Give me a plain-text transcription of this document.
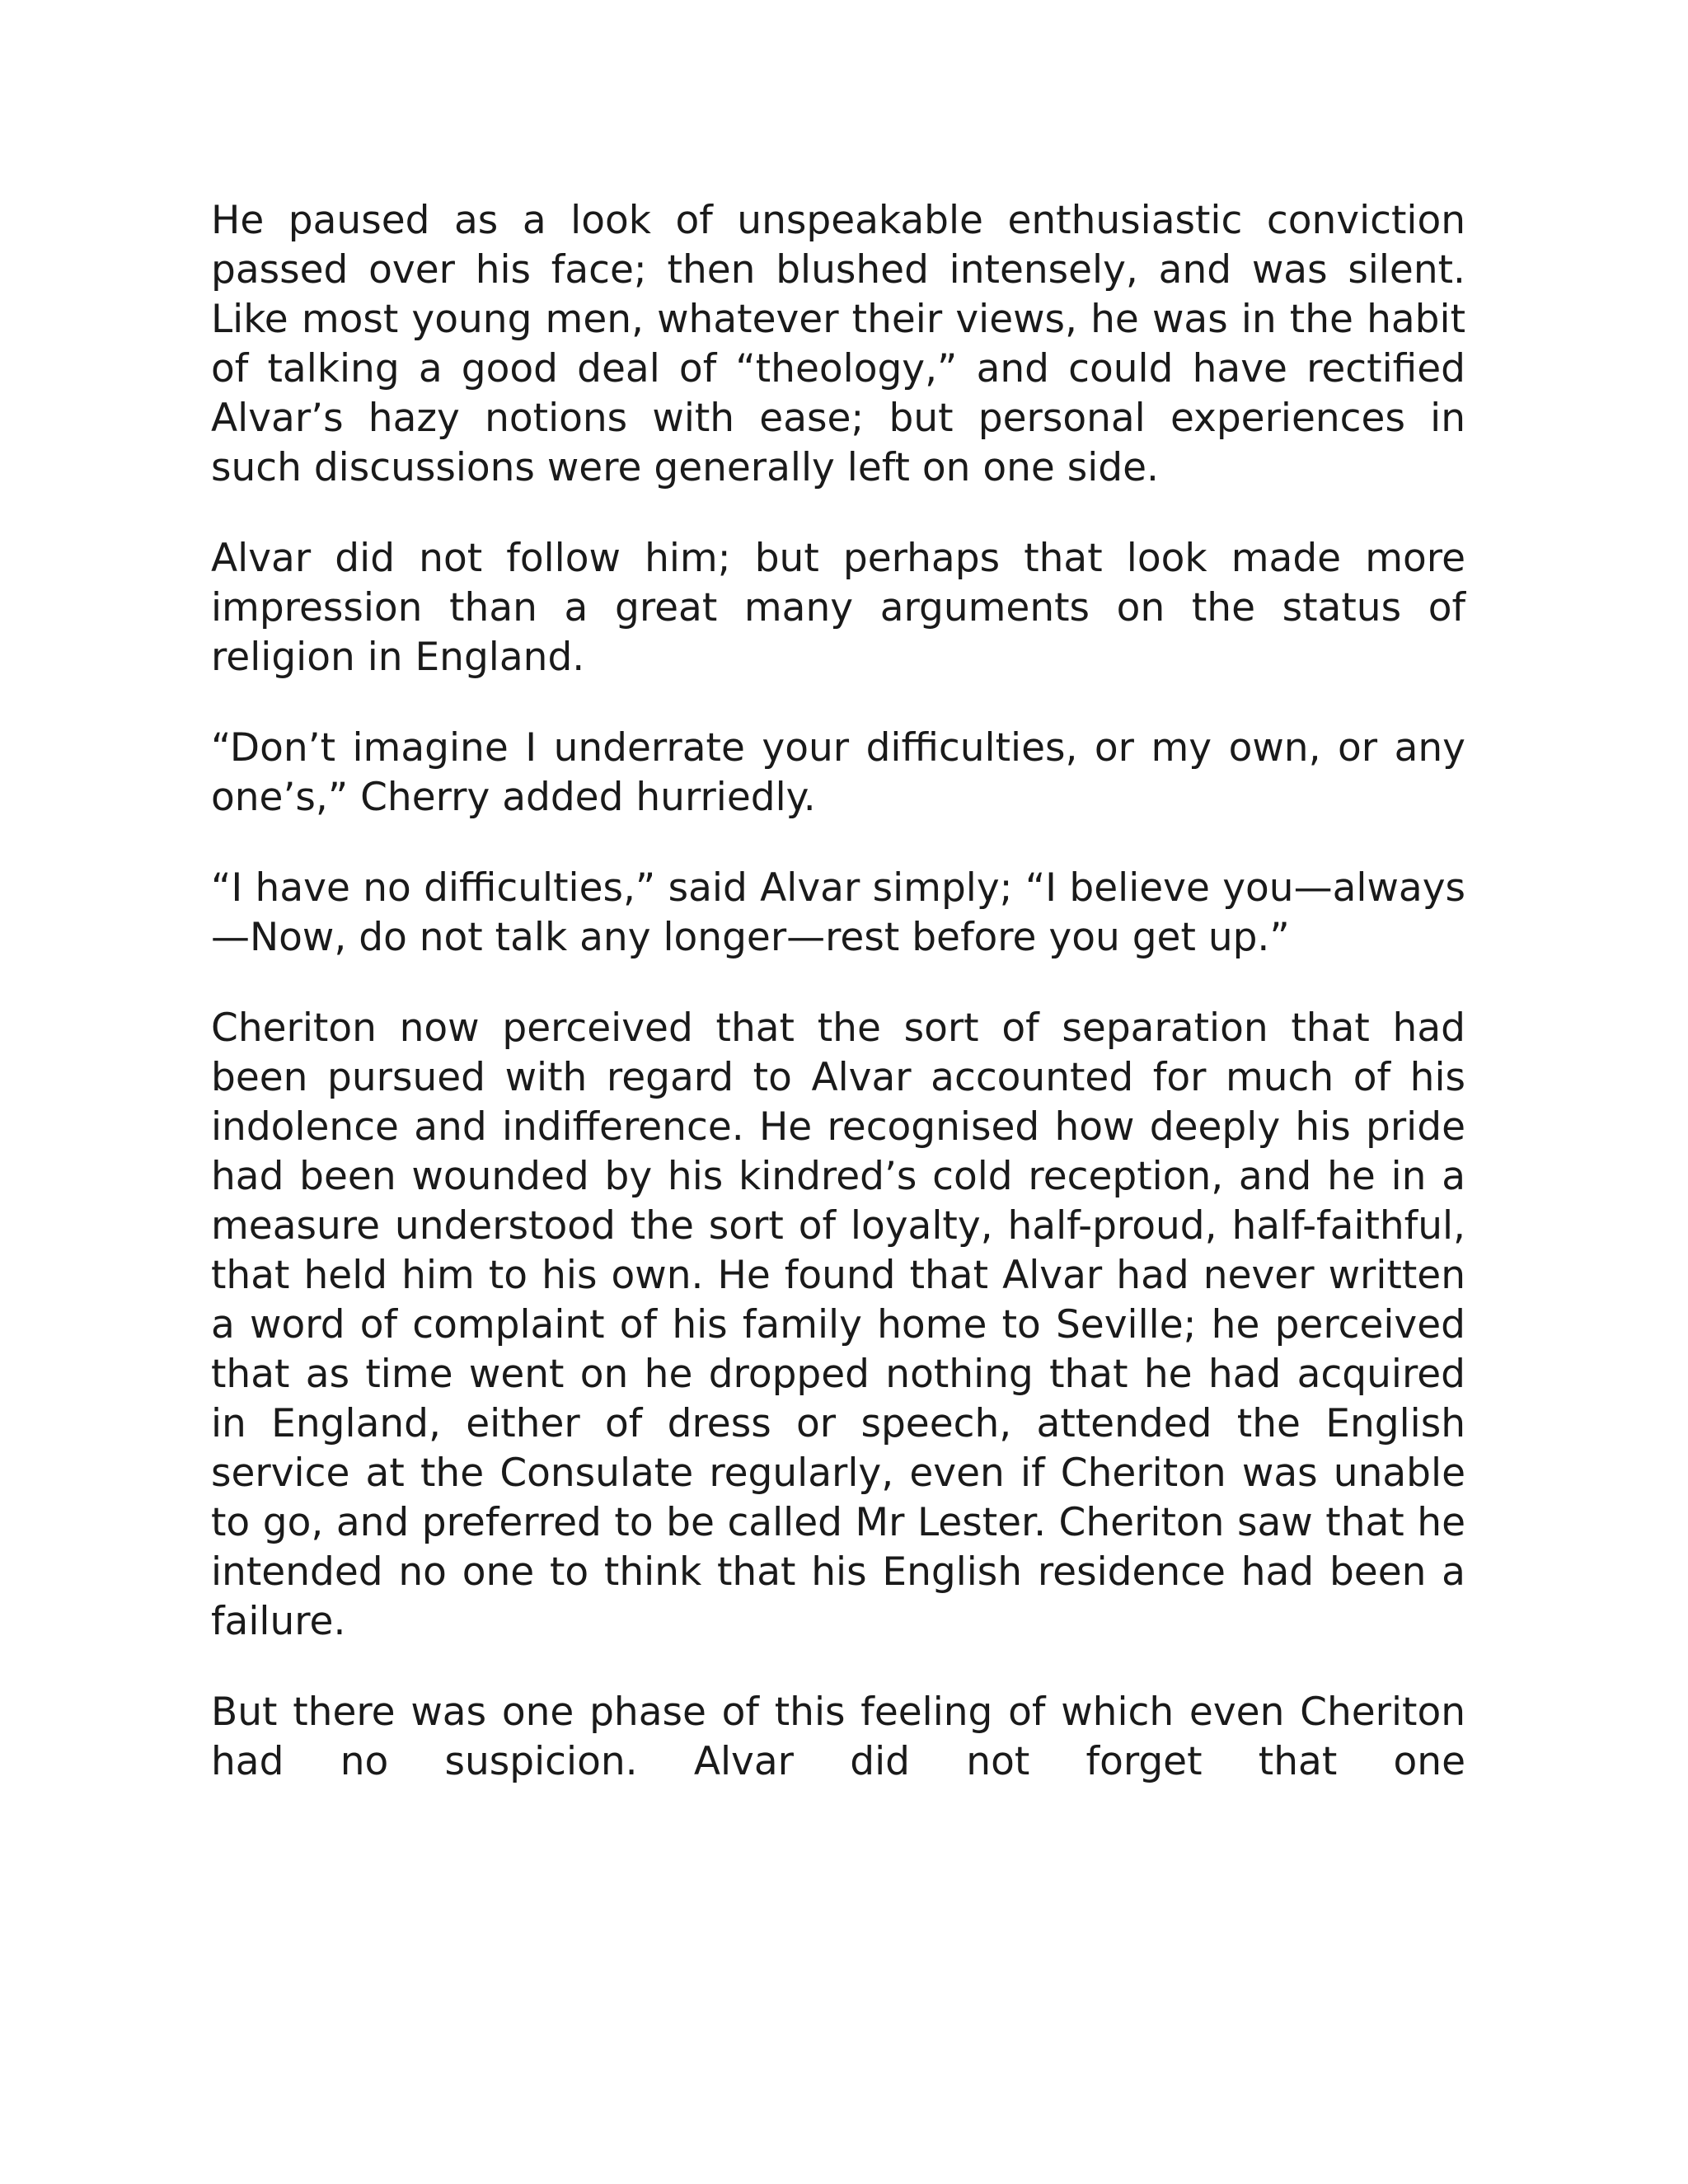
He paused as a look of unspeakable enthusiastic conviction passed over his face; then blushed intensely, and was silent. Like most young men, whatever their views, he was in the habit of talking a good deal of “theology,” and could have rectified Alvar’s hazy notions with ease; but personal experiences in such discussions were generally left on one side.

Alvar did not follow him; but perhaps that look made more impression than a great many arguments on the status of religion in England.

“Don’t imagine I underrate your difficulties, or my own, or any one’s,” Cherry added hurriedly.

“I have no difficulties,” said Alvar simply; “I believe you—always—Now, do not talk any longer—rest before you get up.”

Cheriton now perceived that the sort of separation that had been pursued with regard to Alvar accounted for much of his indolence and indifference. He recognised how deeply his pride had been wounded by his kindred’s cold reception, and he in a measure understood the sort of loyalty, half-proud, half-faithful, that held him to his own. He found that Alvar had never written a word of complaint of his family home to Seville; he perceived that as time went on he dropped nothing that he had acquired in England, either of dress or speech, attended the English service at the Consulate regularly, even if Cheriton was unable to go, and preferred to be called Mr Lester. Cheriton saw that he intended no one to think that his English residence had been a failure.

But there was one phase of this feeling of which even Cheriton had no suspicion. Alvar did not forget that one
